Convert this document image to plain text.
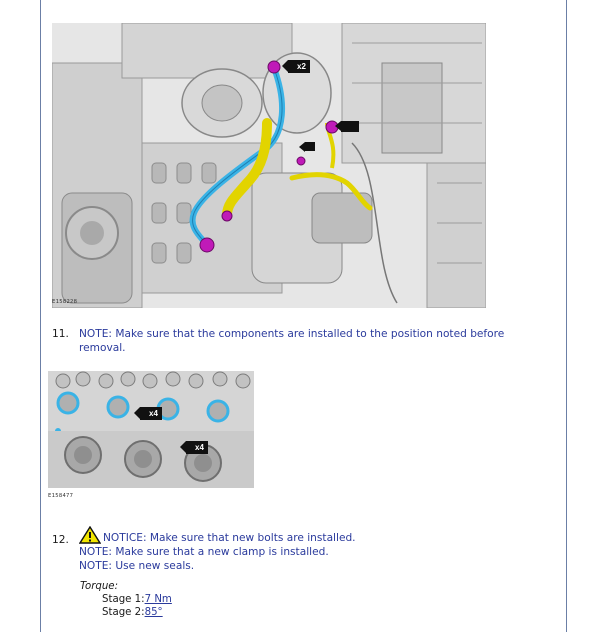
x2
E158228
11. NOTE: Make sure that the components are installed to the position noted before
removal.
x4
x4
E158477
12.	NOTICE: Make sure that new bolts are installed.
NOTE: Make sure that a new clamp is installed.
NOTE: Use new seals.
Torque:
Stage 1:7 Nm
Stage 2:85°
